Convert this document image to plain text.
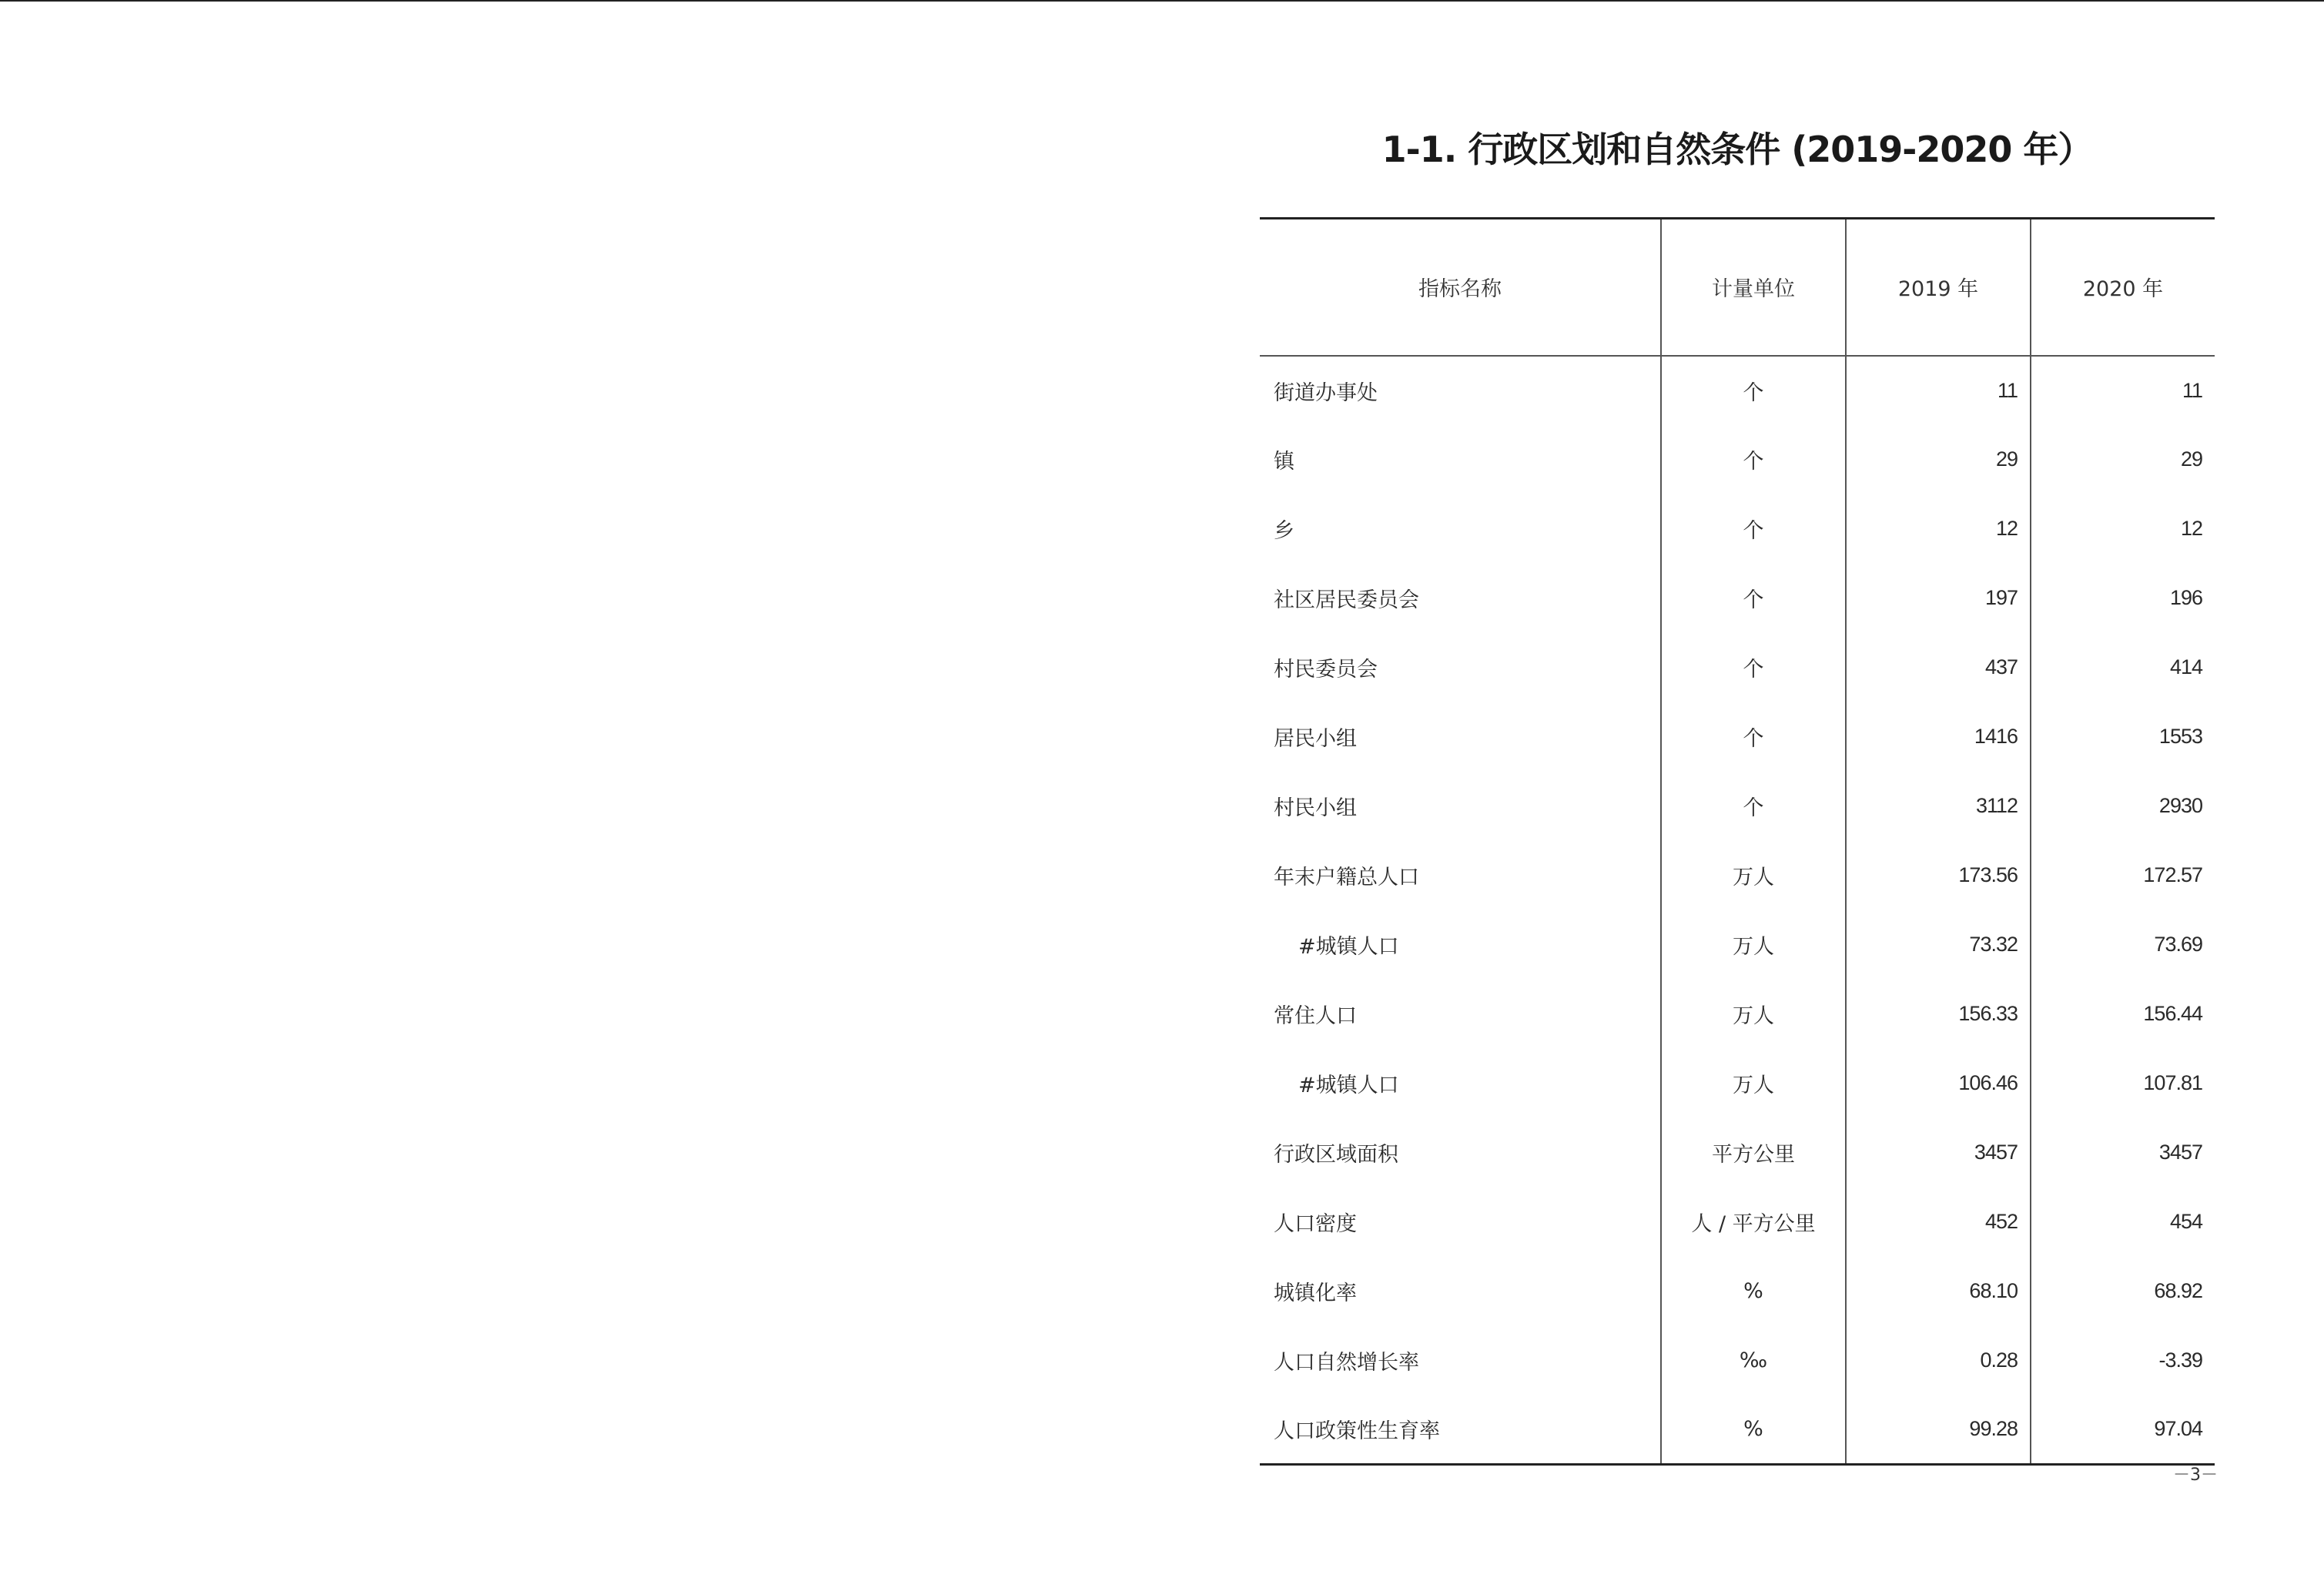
1-1. 行政区划和自然条件 (2019-2020 年）
指标名称	计量单位	2019 年	2020 年
街道办事处	个	11	11
镇	个	29	29
乡	个	12	12
社区居民委员会	个	197	196
村民委员会	个	437	414
居民小组	个	1416	1553
村民小组	个	3112	2930
年末户籍总人口	万人	173.56	172.57
#城镇人口	万人	73.32	73.69
常住人口	万人	156.33	156.44
#城镇人口	万人	106.46	107.81
行政区域面积	平方公里	3457	3457
人口密度	人 / 平方公里	452	454
城镇化率	%	68.10	68.92
人口自然增长率	‰	0.28	-3.39
人口政策性生育率	%	99.28	97.04
－3－
